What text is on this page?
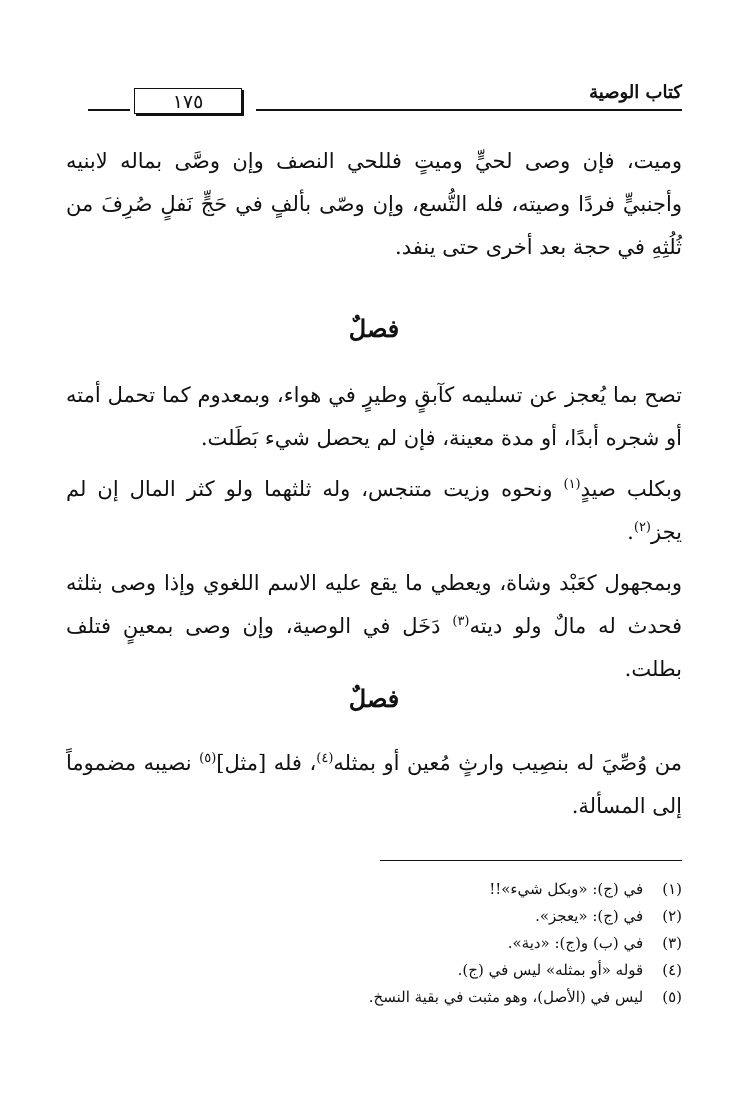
١٧٥	كتاب الوصية

وميت، فإن وصى لحيٍّ وميتٍ فللحي النصف وإن وصَّى بماله لابنيه وأجنبيٍّ فردًا وصيته، فله التُّسع، وإن وصّى بألفٍ في حَجٍّ نَفلٍ صُرِفَ من ثُلُثِهِ في حجة بعد أخرى حتى ينفد.

فصلٌ

تصح بما يُعجز عن تسليمه كآبقٍ وطيرٍ في هواء، وبمعدوم كما تحمل أمته أو شجره أبدًا، أو مدة معينة، فإن لم يحصل شيء بَطَلت.

وبكلب صيدٍ$^{(١)}$ ونحوه وزيت متنجس، وله ثلثهما ولو كثر المال إن لم يجز$^{(٢)}$.

وبمجهول كعَبْد وشاة، ويعطي ما يقع عليه الاسم اللغوي وإذا وصى بثلثه فحدث له مالٌ ولو ديته$^{(٣)}$ دَخَل في الوصية، وإن وصى بمعينٍ فتلف بطلت.

فصلٌ

من وُصِّيَ له بنصِيب وارثٍ مُعين أو بمثله$^{(٤)}$، فله [مثل]$^{(٥)}$ نصيبه مضموماً إلى المسألة.

(١) في (ج): «وبكل شيء»!!
(٢) في (ج): «يعجز».
(٣) في (ب) و(ج): «دية».
(٤) قوله «أو بمثله» ليس في (ج).
(٥) ليس في (الأصل)، وهو مثبت في بقية النسخ.
